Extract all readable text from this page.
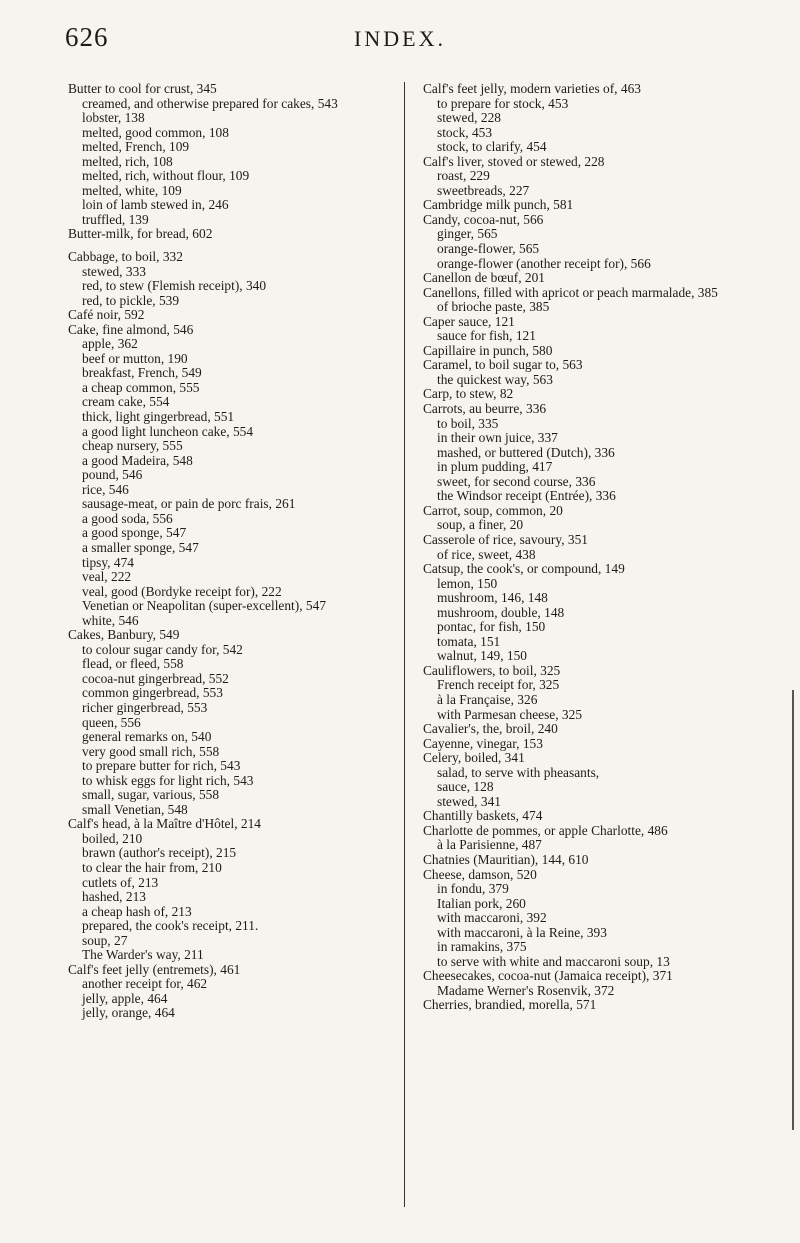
626	INDEX.
Butter to cool for crust, 345
creamed, and otherwise prepared for cakes, 543
lobster, 138
melted, good common, 108
melted, French, 109
melted, rich, 108
melted, rich, without flour, 109
melted, white, 109
loin of lamb stewed in, 246
truffled, 139
Butter-milk, for bread, 602
Cabbage, to boil, 332
stewed, 333
red, to stew (Flemish receipt), 340
red, to pickle, 539
Café noir, 592
Cake, fine almond, 546
apple, 362
beef or mutton, 190
breakfast, French, 549
a cheap common, 555
cream cake, 554
thick, light gingerbread, 551
a good light luncheon cake, 554
cheap nursery, 555
a good Madeira, 548
pound, 546
rice, 546
sausage-meat, or pain de porc frais, 261
a good soda, 556
a good sponge, 547
a smaller sponge, 547
tipsy, 474
veal, 222
veal, good (Bordyke receipt for), 222
Venetian or Neapolitan (super-excellent), 547
white, 546
Cakes, Banbury, 549
to colour sugar candy for, 542
flead, or fleed, 558
cocoa-nut gingerbread, 552
common gingerbread, 553
richer gingerbread, 553
queen, 556
general remarks on, 540
very good small rich, 558
to prepare butter for rich, 543
to whisk eggs for light rich, 543
small, sugar, various, 558
small Venetian, 548
Calf's head, à la Maître d'Hôtel, 214
boiled, 210
brawn (author's receipt), 215
to clear the hair from, 210
cutlets of, 213
hashed, 213
a cheap hash of, 213
prepared, the cook's receipt, 211.
soup, 27
The Warder's way, 211
Calf's feet jelly (entremets), 461
another receipt for, 462
jelly, apple, 464
jelly, orange, 464
Calf's feet jelly, modern varieties of, 463
to prepare for stock, 453
stewed, 228
stock, 453
stock, to clarify, 454
Calf's liver, stoved or stewed, 228
roast, 229
sweetbreads, 227
Cambridge milk punch, 581
Candy, cocoa-nut, 566
ginger, 565
orange-flower, 565
orange-flower (another receipt for), 566
Canellon de bœuf, 201
Canellons, filled with apricot or peach marmalade, 385
of brioche paste, 385
Caper sauce, 121
sauce for fish, 121
Capillaire in punch, 580
Caramel, to boil sugar to, 563
the quickest way, 563
Carp, to stew, 82
Carrots, au beurre, 336
to boil, 335
in their own juice, 337
mashed, or buttered (Dutch), 336
in plum pudding, 417
sweet, for second course, 336
the Windsor receipt (Entrée), 336
Carrot, soup, common, 20
soup, a finer, 20
Casserole of rice, savoury, 351
of rice, sweet, 438
Catsup, the cook's, or compound, 149
lemon, 150
mushroom, 146, 148
mushroom, double, 148
pontac, for fish, 150
tomata, 151
walnut, 149, 150
Cauliflowers, to boil, 325
French receipt for, 325
à la Française, 326
with Parmesan cheese, 325
Cavalier's, the, broil, 240
Cayenne, vinegar, 153
Celery, boiled, 341
salad, to serve with pheasants,
sauce, 128
stewed, 341
Chantilly baskets, 474
Charlotte de pommes, or apple Charlotte, 486
à la Parisienne, 487
Chatnies (Mauritian), 144, 610
Cheese, damson, 520
in fondu, 379
Italian pork, 260
with maccaroni, 392
with maccaroni, à la Reine, 393
in ramakins, 375
to serve with white and maccaroni soup, 13
Cheesecakes, cocoa-nut (Jamaica receipt), 371
Madame Werner's Rosenvik, 372
Cherries, brandied, morella, 571
